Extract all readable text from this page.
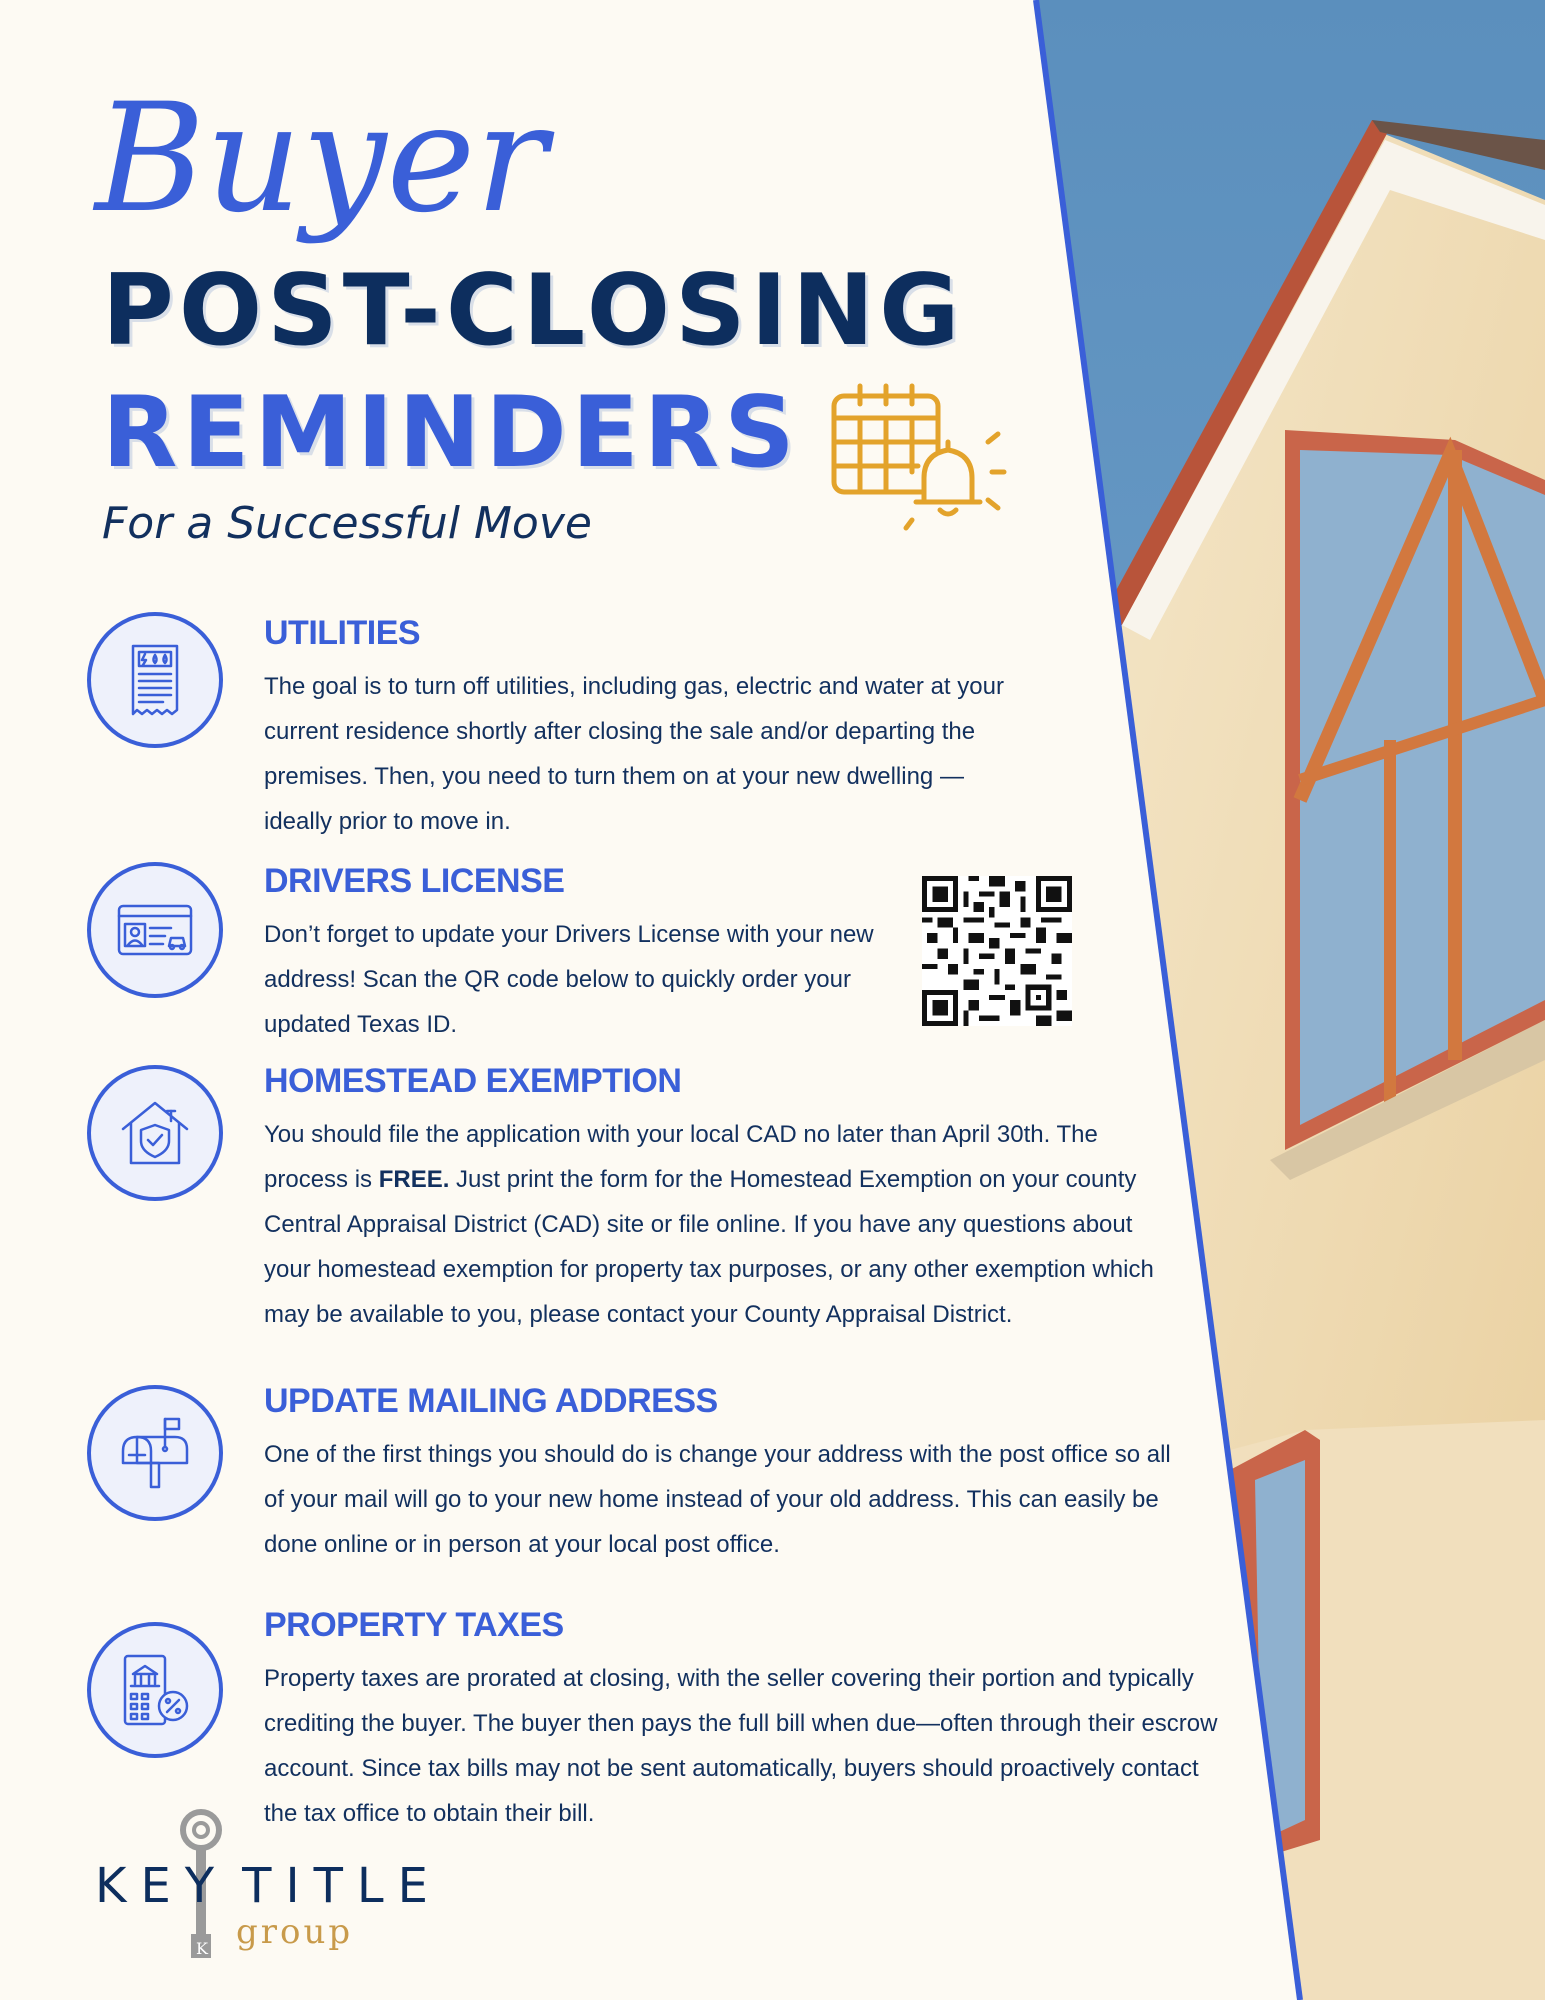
Buyer
POST-CLOSING
REMINDERS
For a Successful Move
UTILITIES
The goal is to turn off utilities, including gas, electric and water at your current residence shortly after closing the sale and/or departing the premises. Then, you need to turn them on at your new dwelling — ideally prior to move in.
DRIVERS LICENSE
Don’t forget to update your Drivers License with your new address! Scan the QR code below to quickly order your updated Texas ID.
HOMESTEAD EXEMPTION
You should file the application with your local CAD no later than April 30th. The process is FREE. Just print the form for the Homestead Exemption on your county Central Appraisal District (CAD) site or file online. If you have any questions about your homestead exemption for property tax purposes, or any other exemption which may be available to you, please contact your County Appraisal District.
UPDATE MAILING ADDRESS
One of the first things you should do is change your address with the post office so all of your mail will go to your new home instead of your old address. This can easily be done online or in person at your local post office.
PROPERTY TAXES
Property taxes are prorated at closing, with the seller covering their portion and typically crediting the buyer. The buyer then pays the full bill when due—often through their escrow account. Since tax bills may not be sent automatically, buyers should proactively contact the tax office to obtain their bill.
K
KEY TITLE
group
